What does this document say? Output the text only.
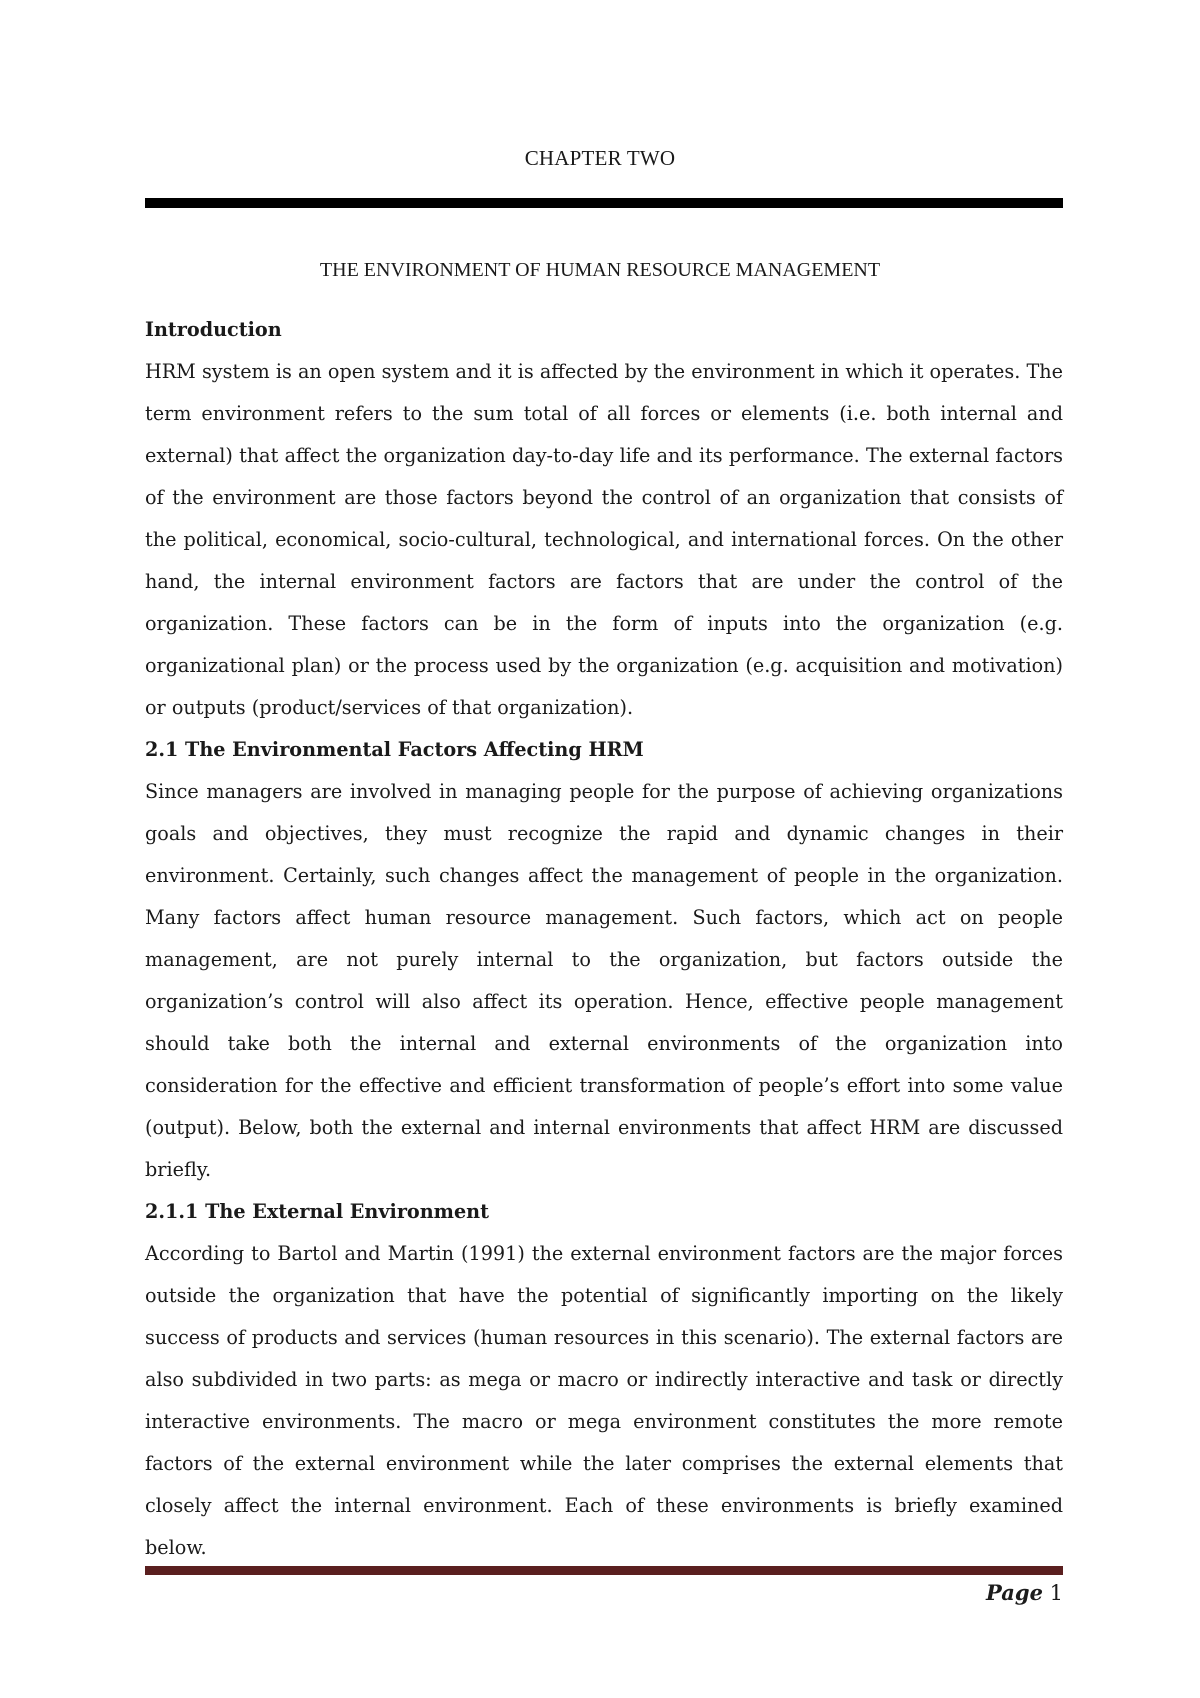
CHAPTER TWO
THE ENVIRONMENT OF HUMAN RESOURCE MANAGEMENT
Introduction

HRM system is an open system and it is affected by the environment in which it operates. The term environment refers to the sum total of all forces or elements (i.e. both internal and external) that affect the organization day-to-day life and its performance. The external factors of the environment are those factors beyond the control of an organization that consists of the political, economical, socio-cultural, technological, and international forces. On the other hand, the internal environment factors are factors that are under the control of the organization. These factors can be in the form of inputs into the organization (e.g. organizational plan) or the process used by the organization (e.g. acquisition and motivation) or outputs (product/services of that organization).

2.1 The Environmental Factors Affecting HRM

Since managers are involved in managing people for the purpose of achieving organizations goals and objectives, they must recognize the rapid and dynamic changes in their environment. Certainly, such changes affect the management of people in the organization. Many factors affect human resource management. Such factors, which act on people management, are not purely internal to the organization, but factors outside the organization’s control will also affect its operation. Hence, effective people management should take both the internal and external environments of the organization into consideration for the effective and efficient transformation of people’s effort into some value (output). Below, both the external and internal environments that affect HRM are discussed briefly.

2.1.1 The External Environment

According to Bartol and Martin (1991) the external environment factors are the major forces outside the organization that have the potential of significantly importing on the likely success of products and services (human resources in this scenario). The external factors are also subdivided in two parts: as mega or macro or indirectly interactive and task or directly interactive environments. The macro or mega environment constitutes the more remote factors of the external environment while the later comprises the external elements that closely affect the internal environment. Each of these environments is briefly examined below.

Page 1
